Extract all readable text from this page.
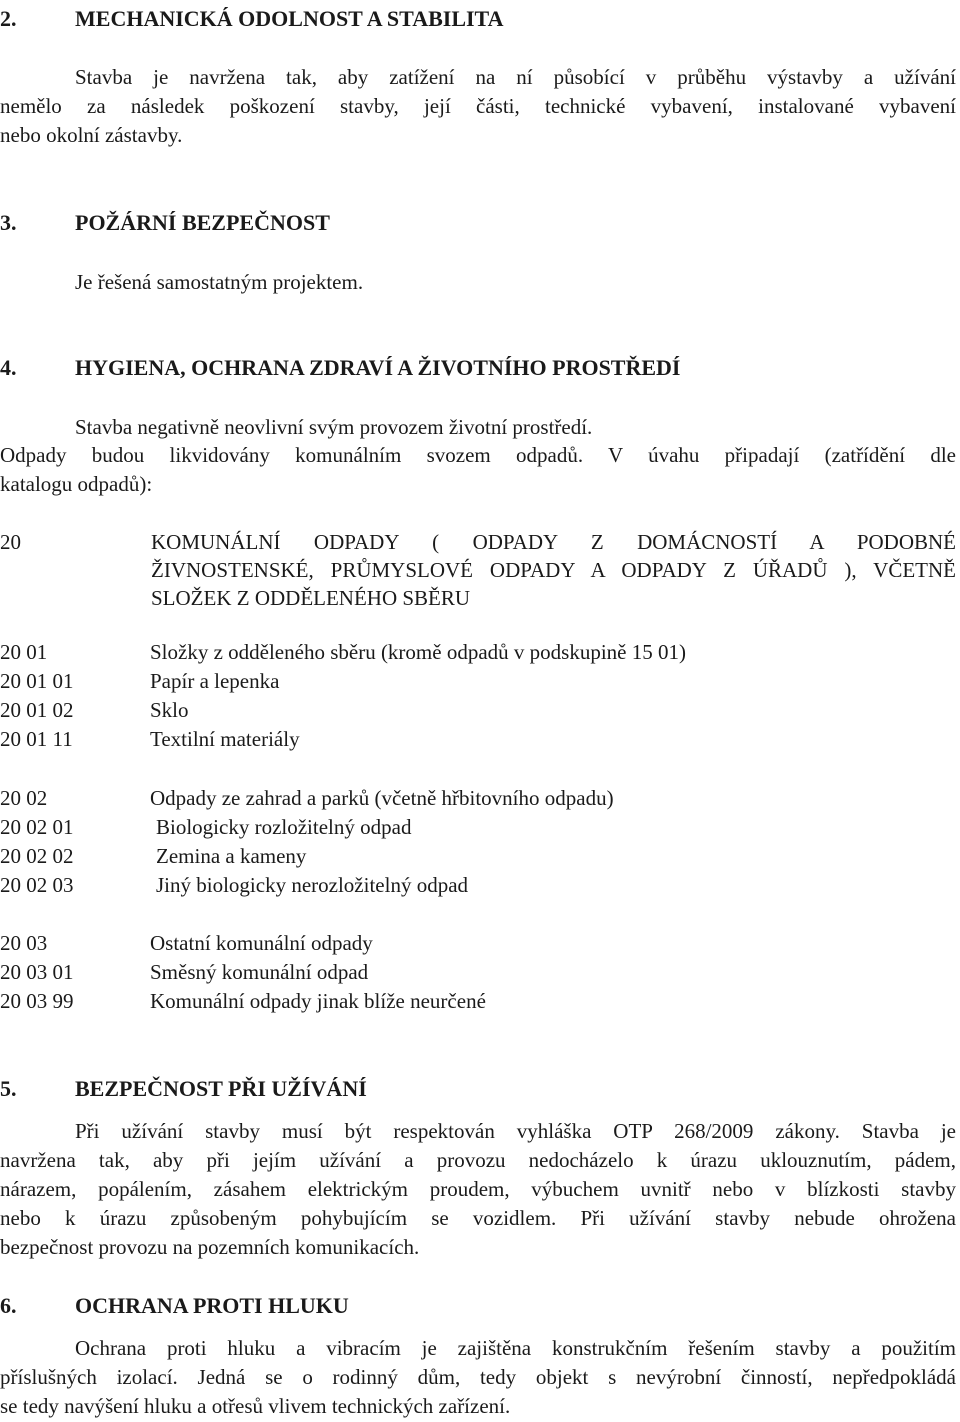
2.	MECHANICKÁ ODOLNOST A STABILITA
Stavba je navržena tak, aby zatížení na ní působící v průběhu výstavby a užívání
nemělo za následek poškození stavby, její části, technické vybavení, instalované vybavení
nebo okolní zástavby.
3.	POŽÁRNÍ BEZPEČNOST
Je řešená samostatným projektem.
4.	HYGIENA, OCHRANA ZDRAVÍ A ŽIVOTNÍHO PROSTŘEDÍ
Stavba negativně neovlivní svým provozem životní prostředí.
Odpady budou likvidovány komunálním svozem odpadů. V úvahu připadají (zatřídění dle
katalogu odpadů):
20	KOMUNÁLNÍ ODPADY ( ODPADY Z DOMÁCNOSTÍ A PODOBNÉ
ŽIVNOSTENSKÉ, PRŮMYSLOVÉ ODPADY A ODPADY Z ÚŘADŮ ), VČETNĚ
SLOŽEK Z ODDĚLENÉHO SBĚRU
20 01	Složky z odděleného sběru (kromě odpadů v podskupině 15 01)
20 01 01	Papír a lepenka
20 01 02	Sklo
20 01 11	Textilní materiály
20 02	Odpady ze zahrad a parků (včetně hřbitovního odpadu)
20 02 01	Biologicky rozložitelný odpad
20 02 02	Zemina a kameny
20 02 03	Jiný biologicky nerozložitelný odpad
20 03	Ostatní komunální odpady
20 03 01	Směsný komunální odpad
20 03 99	Komunální odpady jinak blíže neurčené
5.	BEZPEČNOST PŘI UŽÍVÁNÍ
Při užívání stavby musí být respektován vyhláška OTP 268/2009 zákony. Stavba je
navržena tak, aby při jejím užívání a provozu nedocházelo k úrazu uklouznutím, pádem,
nárazem, popálením, zásahem elektrickým proudem, výbuchem uvnitř nebo v blízkosti stavby
nebo k úrazu způsobeným pohybujícím se vozidlem. Při užívání stavby nebude ohrožena
bezpečnost provozu na pozemních komunikacích.
6.	OCHRANA PROTI HLUKU
Ochrana proti hluku a vibracím je zajištěna konstrukčním řešením stavby a použitím
příslušných izolací. Jedná se o rodinný dům, tedy objekt s nevýrobní činností, nepředpokládá
se tedy navýšení hluku a otřesů vlivem technických zařízení.
